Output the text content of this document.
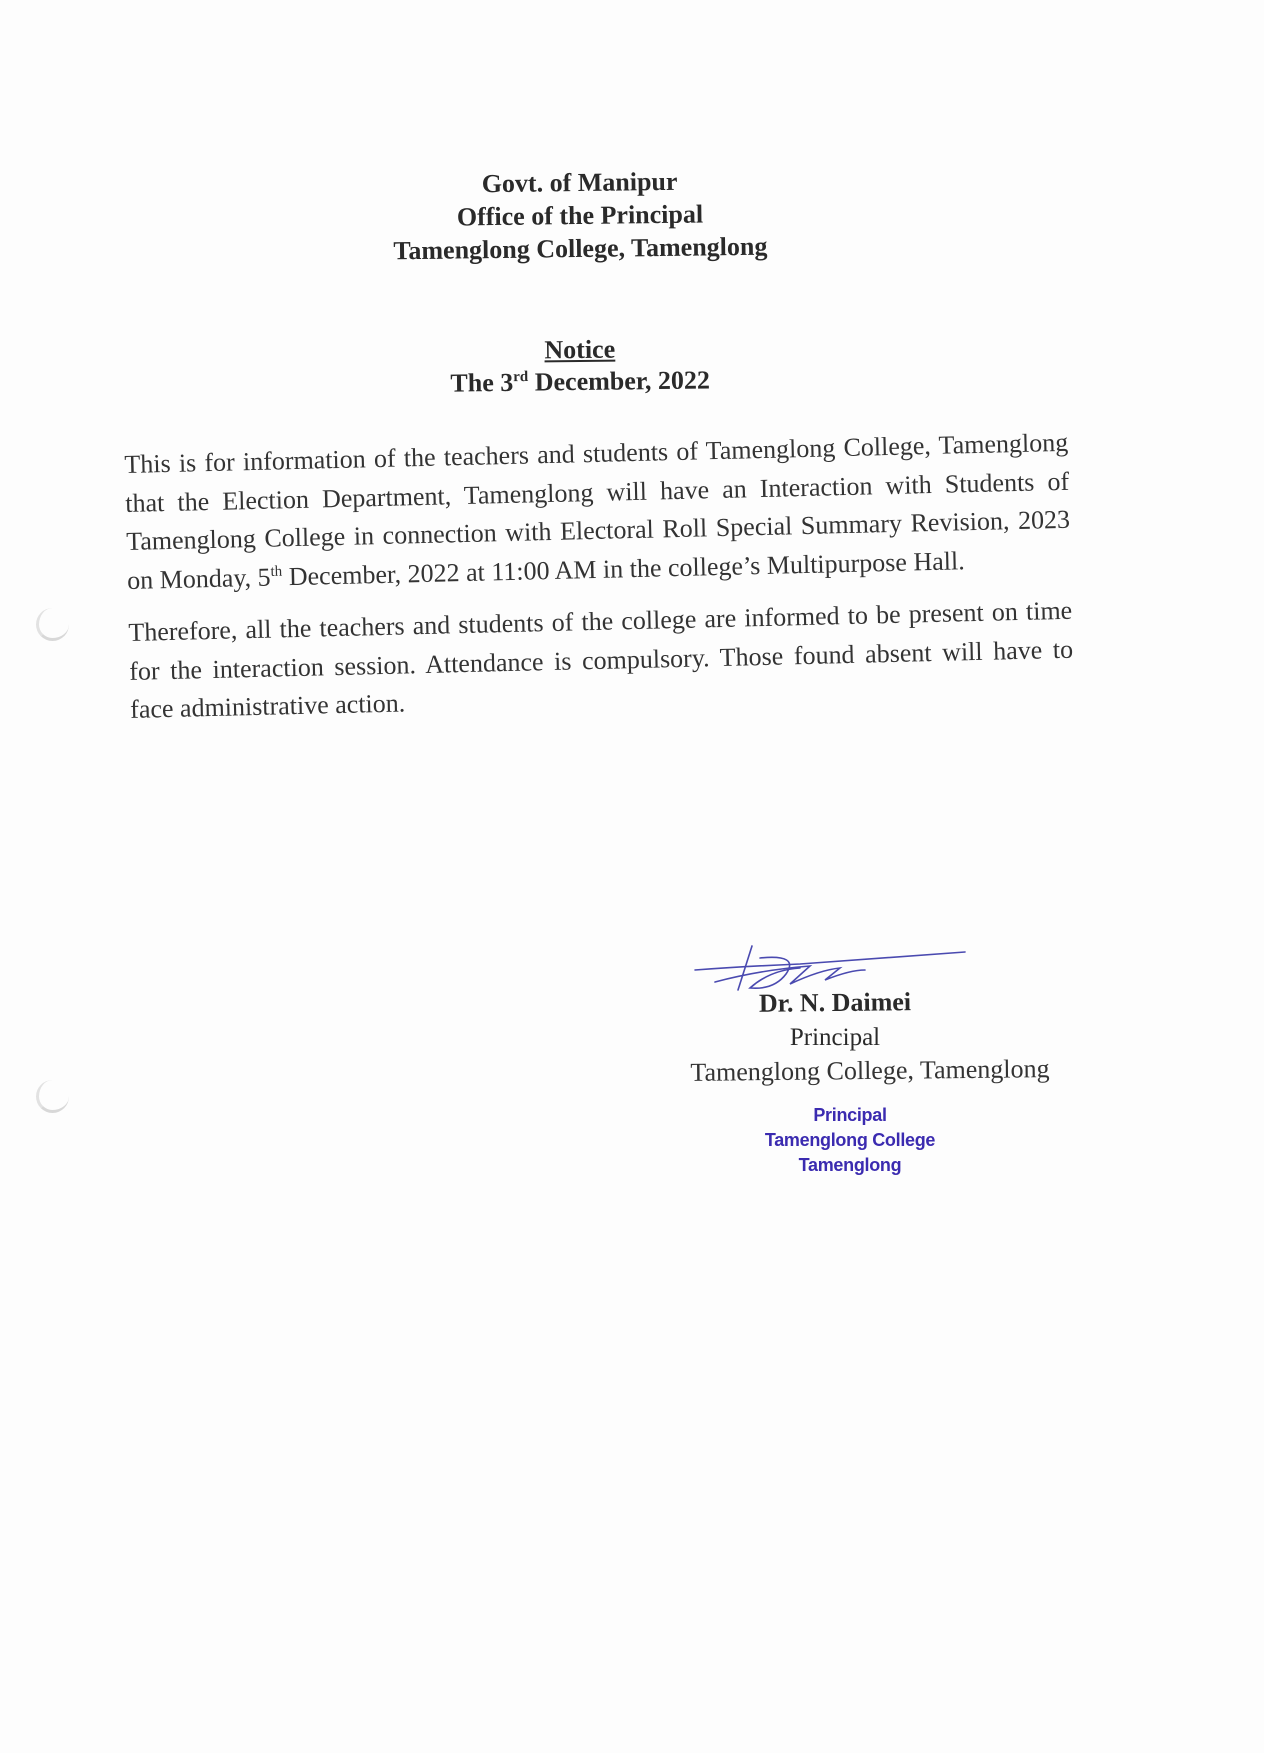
Govt. of Manipur
Office of the Principal
Tamenglong College, Tamenglong
Notice
The 3rd December, 2022

This is for information of the teachers and students of Tamenglong College, Tamenglong that the Election Department, Tamenglong will have an Interaction with Students of Tamenglong College in connection with Electoral Roll Special Summary Revision, 2023 on Monday, 5th December, 2022 at 11:00 AM in the college’s Multipurpose Hall.

Therefore, all the teachers and students of the college are informed to be present on time for the interaction session. Attendance is compulsory. Those found absent will have to face administrative action.

Dr. N. Daimei
Principal
Tamenglong College, Tamenglong
Principal
Tamenglong College
Tamenglong
